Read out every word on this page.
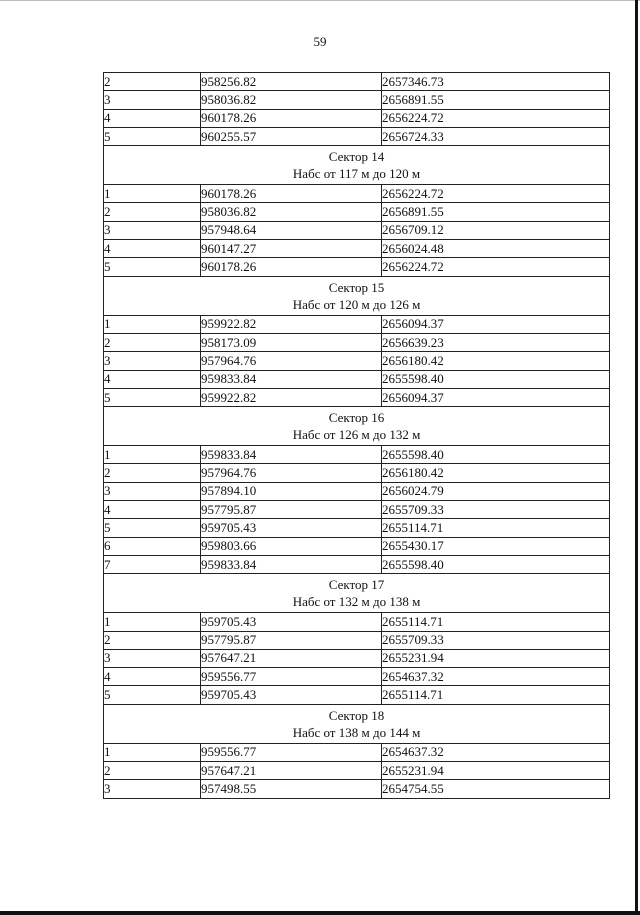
59
2	958256.82	2657346.73
3	958036.82	2656891.55
4	960178.26	2656224.72
5	960255.57	2656724.33

Сектор 14
Набс от 117 м до 120 м		

1	960178.26	2656224.72
2	958036.82	2656891.55
3	957948.64	2656709.12
4	960147.27	2656024.48
5	960178.26	2656224.72

Сектор 15
Набс от 120 м до 126 м		

1	959922.82	2656094.37
2	958173.09	2656639.23
3	957964.76	2656180.42
4	959833.84	2655598.40
5	959922.82	2656094.37

Сектор 16
Набс от 126 м до 132 м		

1	959833.84	2655598.40
2	957964.76	2656180.42
3	957894.10	2656024.79
4	957795.87	2655709.33
5	959705.43	2655114.71
6	959803.66	2655430.17
7	959833.84	2655598.40

Сектор 17
Набс от 132 м до 138 м		

1	959705.43	2655114.71
2	957795.87	2655709.33
3	957647.21	2655231.94
4	959556.77	2654637.32
5	959705.43	2655114.71

Сектор 18
Набс от 138 м до 144 м		

1	959556.77	2654637.32
2	957647.21	2655231.94
3	957498.55	2654754.55
